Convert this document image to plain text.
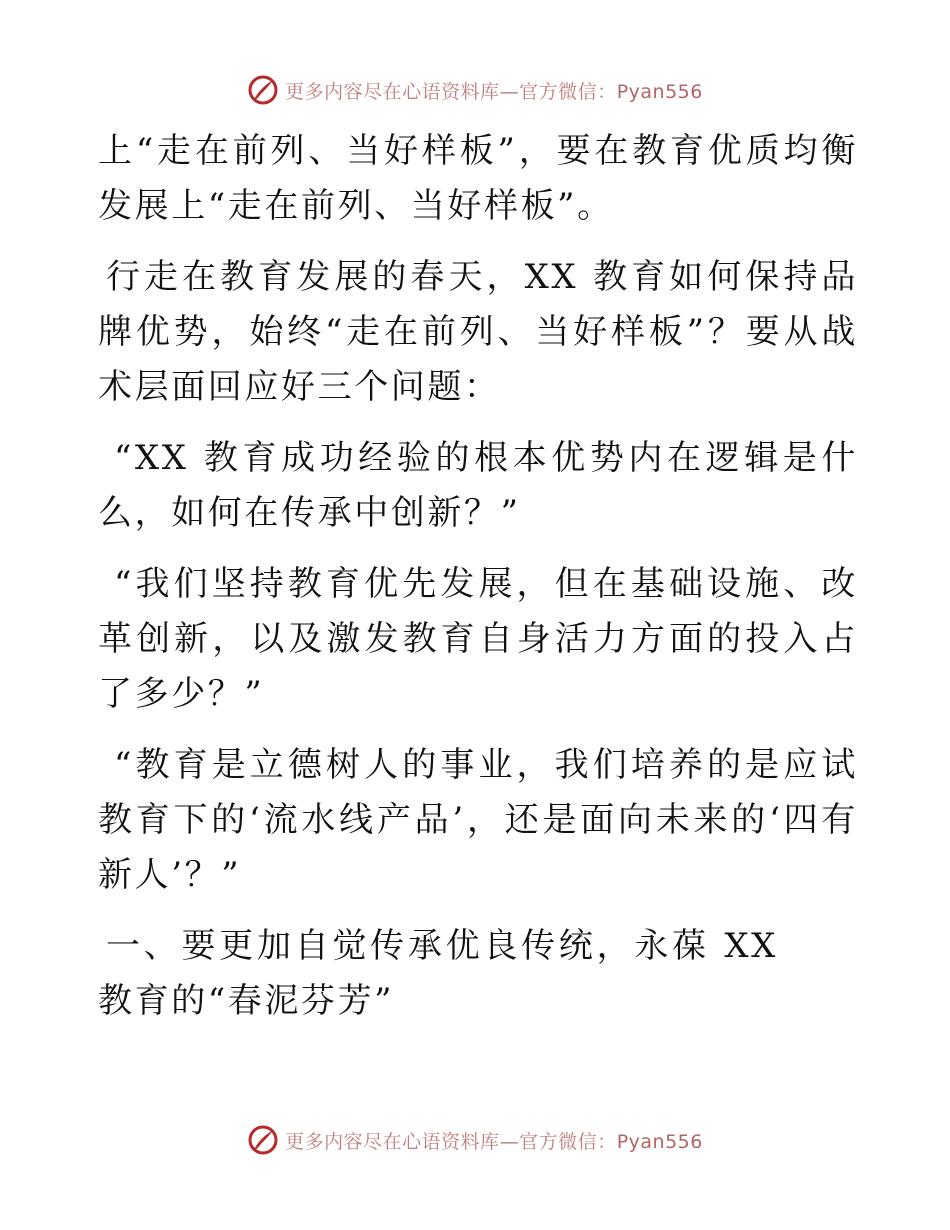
更多内容尽在心语资料库—官方微信：Pyan556

上“走在前列、当好样板”，要在教育优质均衡发展上“走在前列、当好样板”。

行走在教育发展的春天，XX 教育如何保持品牌优势，始终“走在前列、当好样板”？要从战术层面回应好三个问题：

“XX 教育成功经验的根本优势内在逻辑是什么，如何在传承中创新？”

“我们坚持教育优先发展，但在基础设施、改革创新，以及激发教育自身活力方面的投入占了多少？”

“教育是立德树人的事业，我们培养的是应试教育下的‘流水线产品’，还是面向未来的‘四有新人’？”

一、要更加自觉传承优良传统，永葆 XX 教育的“春泥芬芳”

更多内容尽在心语资料库—官方微信：Pyan556
